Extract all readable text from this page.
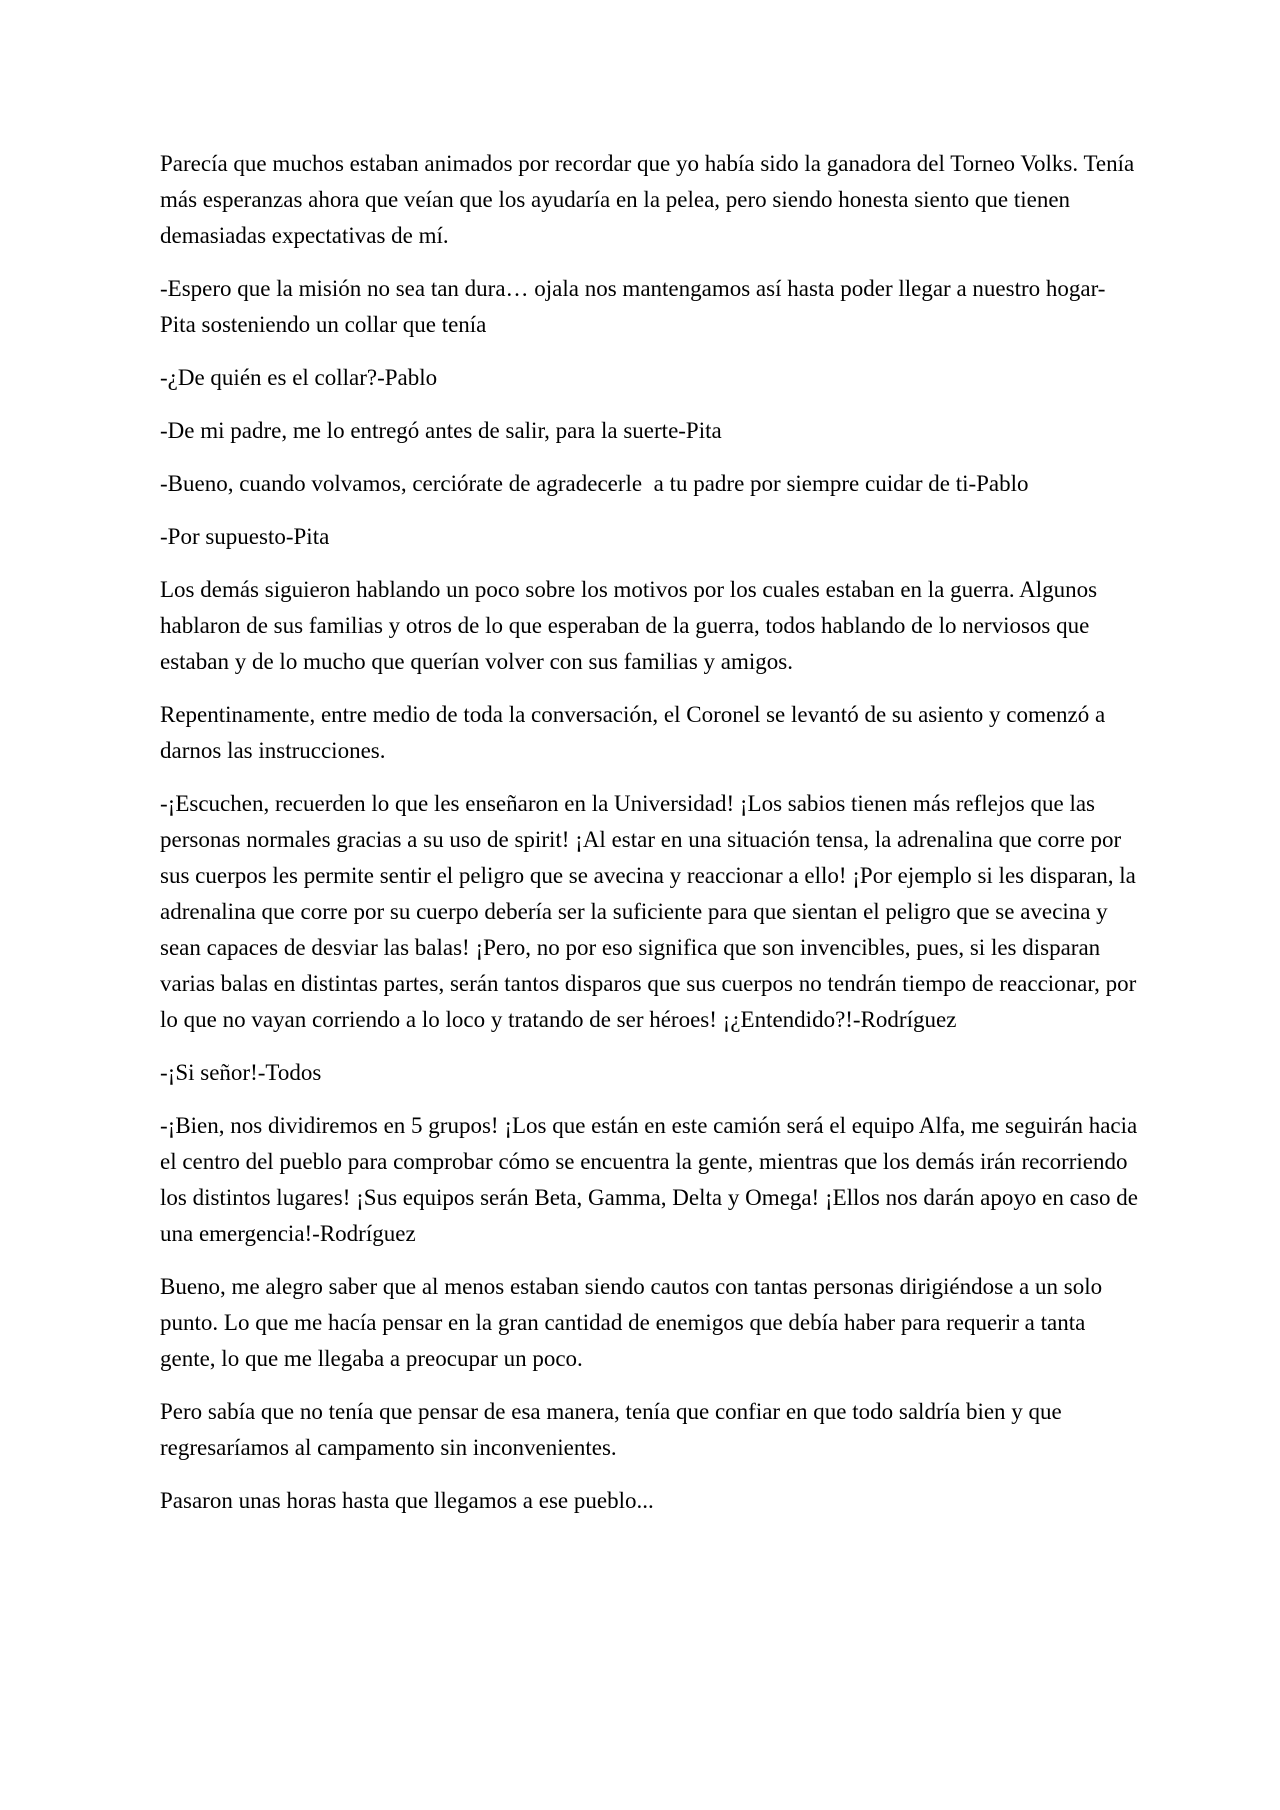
Parecía que muchos estaban animados por recordar que yo había sido la ganadora del Torneo Volks. Tenía más esperanzas ahora que veían que los ayudaría en la pelea, pero siendo honesta siento que tienen demasiadas expectativas de mí.

-Espero que la misión no sea tan dura… ojala nos mantengamos así hasta poder llegar a nuestro hogar-Pita sosteniendo un collar que tenía

-¿De quién es el collar?-Pablo

-De mi padre, me lo entregó antes de salir, para la suerte-Pita

-Bueno, cuando volvamos, cerciórate de agradecerle  a tu padre por siempre cuidar de ti-Pablo

-Por supuesto-Pita

Los demás siguieron hablando un poco sobre los motivos por los cuales estaban en la guerra. Algunos hablaron de sus familias y otros de lo que esperaban de la guerra, todos hablando de lo nerviosos que estaban y de lo mucho que querían volver con sus familias y amigos.

Repentinamente, entre medio de toda la conversación, el Coronel se levantó de su asiento y comenzó a darnos las instrucciones.

-¡Escuchen, recuerden lo que les enseñaron en la Universidad! ¡Los sabios tienen más reflejos que las personas normales gracias a su uso de spirit! ¡Al estar en una situación tensa, la adrenalina que corre por sus cuerpos les permite sentir el peligro que se avecina y reaccionar a ello! ¡Por ejemplo si les disparan, la adrenalina que corre por su cuerpo debería ser la suficiente para que sientan el peligro que se avecina y sean capaces de desviar las balas! ¡Pero, no por eso significa que son invencibles, pues, si les disparan varias balas en distintas partes, serán tantos disparos que sus cuerpos no tendrán tiempo de reaccionar, por lo que no vayan corriendo a lo loco y tratando de ser héroes! ¡¿Entendido?!-Rodríguez

-¡Si señor!-Todos

-¡Bien, nos dividiremos en 5 grupos! ¡Los que están en este camión será el equipo Alfa, me seguirán hacia el centro del pueblo para comprobar cómo se encuentra la gente, mientras que los demás irán recorriendo los distintos lugares! ¡Sus equipos serán Beta, Gamma, Delta y Omega! ¡Ellos nos darán apoyo en caso de una emergencia!-Rodríguez

Bueno, me alegro saber que al menos estaban siendo cautos con tantas personas dirigiéndose a un solo punto. Lo que me hacía pensar en la gran cantidad de enemigos que debía haber para requerir a tanta gente, lo que me llegaba a preocupar un poco.

Pero sabía que no tenía que pensar de esa manera, tenía que confiar en que todo saldría bien y que regresaríamos al campamento sin inconvenientes.

Pasaron unas horas hasta que llegamos a ese pueblo...
